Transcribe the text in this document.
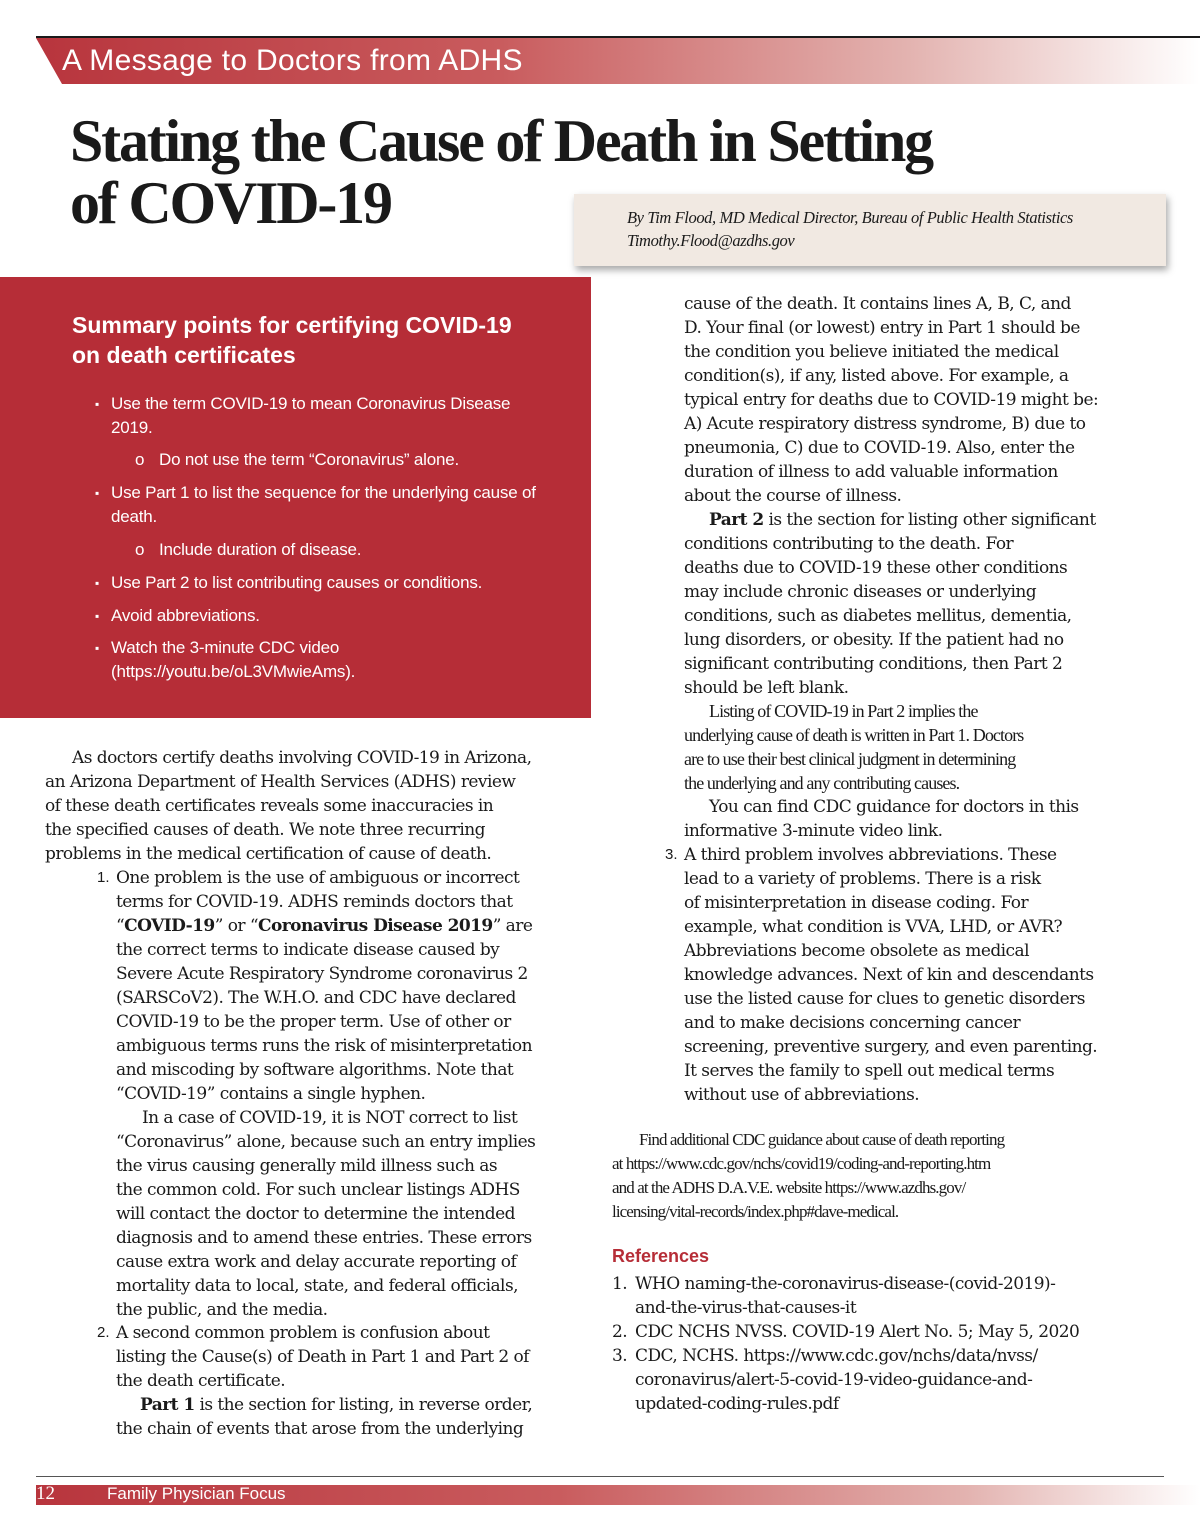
A Message to Doctors from ADHS
Stating the Cause of Death in Setting
of COVID-19	By Tim Flood, MD Medical Director, Bureau of Public Health Statistics
Timothy.Flood@azdhs.gov
Summary points for certifying COVID-19
on death certificates
▪ Use the term COVID-19 to mean Coronavirus Disease 2019.
o Do not use the term “Coronavirus” alone.
▪ Use Part 1 to list the sequence for the underlying cause of death.
o Include duration of disease.
▪ Use Part 2 to list contributing causes or conditions.
▪ Avoid abbreviations.
▪ Watch the 3-minute CDC video (https://youtu.be/oL3VMwieAms).
As doctors certify deaths involving COVID-19 in Arizona,
an Arizona Department of Health Services (ADHS) review
of these death certificates reveals some inaccuracies in
the specified causes of death. We note three recurring
problems in the medical certification of cause of death.
1. One problem is the use of ambiguous or incorrect
terms for COVID-19. ADHS reminds doctors that
“COVID-19” or “Coronavirus Disease 2019” are
the correct terms to indicate disease caused by
Severe Acute Respiratory Syndrome coronavirus 2
(SARSCoV2). The W.H.O. and CDC have declared
COVID-19 to be the proper term. Use of other or
ambiguous terms runs the risk of misinterpretation
and miscoding by software algorithms. Note that
“COVID-19” contains a single hyphen.
In a case of COVID-19, it is NOT correct to list
“Coronavirus” alone, because such an entry implies
the virus causing generally mild illness such as
the common cold. For such unclear listings ADHS
will contact the doctor to determine the intended
diagnosis and to amend these entries. These errors
cause extra work and delay accurate reporting of
mortality data to local, state, and federal officials,
the public, and the media.
2. A second common problem is confusion about
listing the Cause(s) of Death in Part 1 and Part 2 of
the death certificate.
Part 1 is the section for listing, in reverse order,
the chain of events that arose from the underlying
cause of the death. It contains lines A, B, C, and
D. Your final (or lowest) entry in Part 1 should be
the condition you believe initiated the medical
condition(s), if any, listed above. For example, a
typical entry for deaths due to COVID-19 might be:
A) Acute respiratory distress syndrome, B) due to
pneumonia, C) due to COVID-19. Also, enter the
duration of illness to add valuable information
about the course of illness.
Part 2 is the section for listing other significant
conditions contributing to the death. For
deaths due to COVID-19 these other conditions
may include chronic diseases or underlying
conditions, such as diabetes mellitus, dementia,
lung disorders, or obesity. If the patient had no
significant contributing conditions, then Part 2
should be left blank.
Listing of COVID-19 in Part 2 implies the
underlying cause of death is written in Part 1. Doctors
are to use their best clinical judgment in determining
the underlying and any contributing causes.
You can find CDC guidance for doctors in this
informative 3-minute video link.
3. A third problem involves abbreviations. These
lead to a variety of problems. There is a risk
of misinterpretation in disease coding. For
example, what condition is VVA, LHD, or AVR?
Abbreviations become obsolete as medical
knowledge advances. Next of kin and descendants
use the listed cause for clues to genetic disorders
and to make decisions concerning cancer
screening, preventive surgery, and even parenting.
It serves the family to spell out medical terms
without use of abbreviations.
Find additional CDC guidance about cause of death reporting
at https://www.cdc.gov/nchs/covid19/coding-and-reporting.htm
and at the ADHS D.A.V.E. website https://www.azdhs.gov/
licensing/vital-records/index.php#dave-medical.
References
1. WHO naming-the-coronavirus-disease-(covid-2019)-
and-the-virus-that-causes-it
2. CDC NCHS NVSS. COVID-19 Alert No. 5; May 5, 2020
3. CDC, NCHS. https://www.cdc.gov/nchs/data/nvss/
coronavirus/alert-5-covid-19-video-guidance-and-
updated-coding-rules.pdf
12	Family Physician Focus
